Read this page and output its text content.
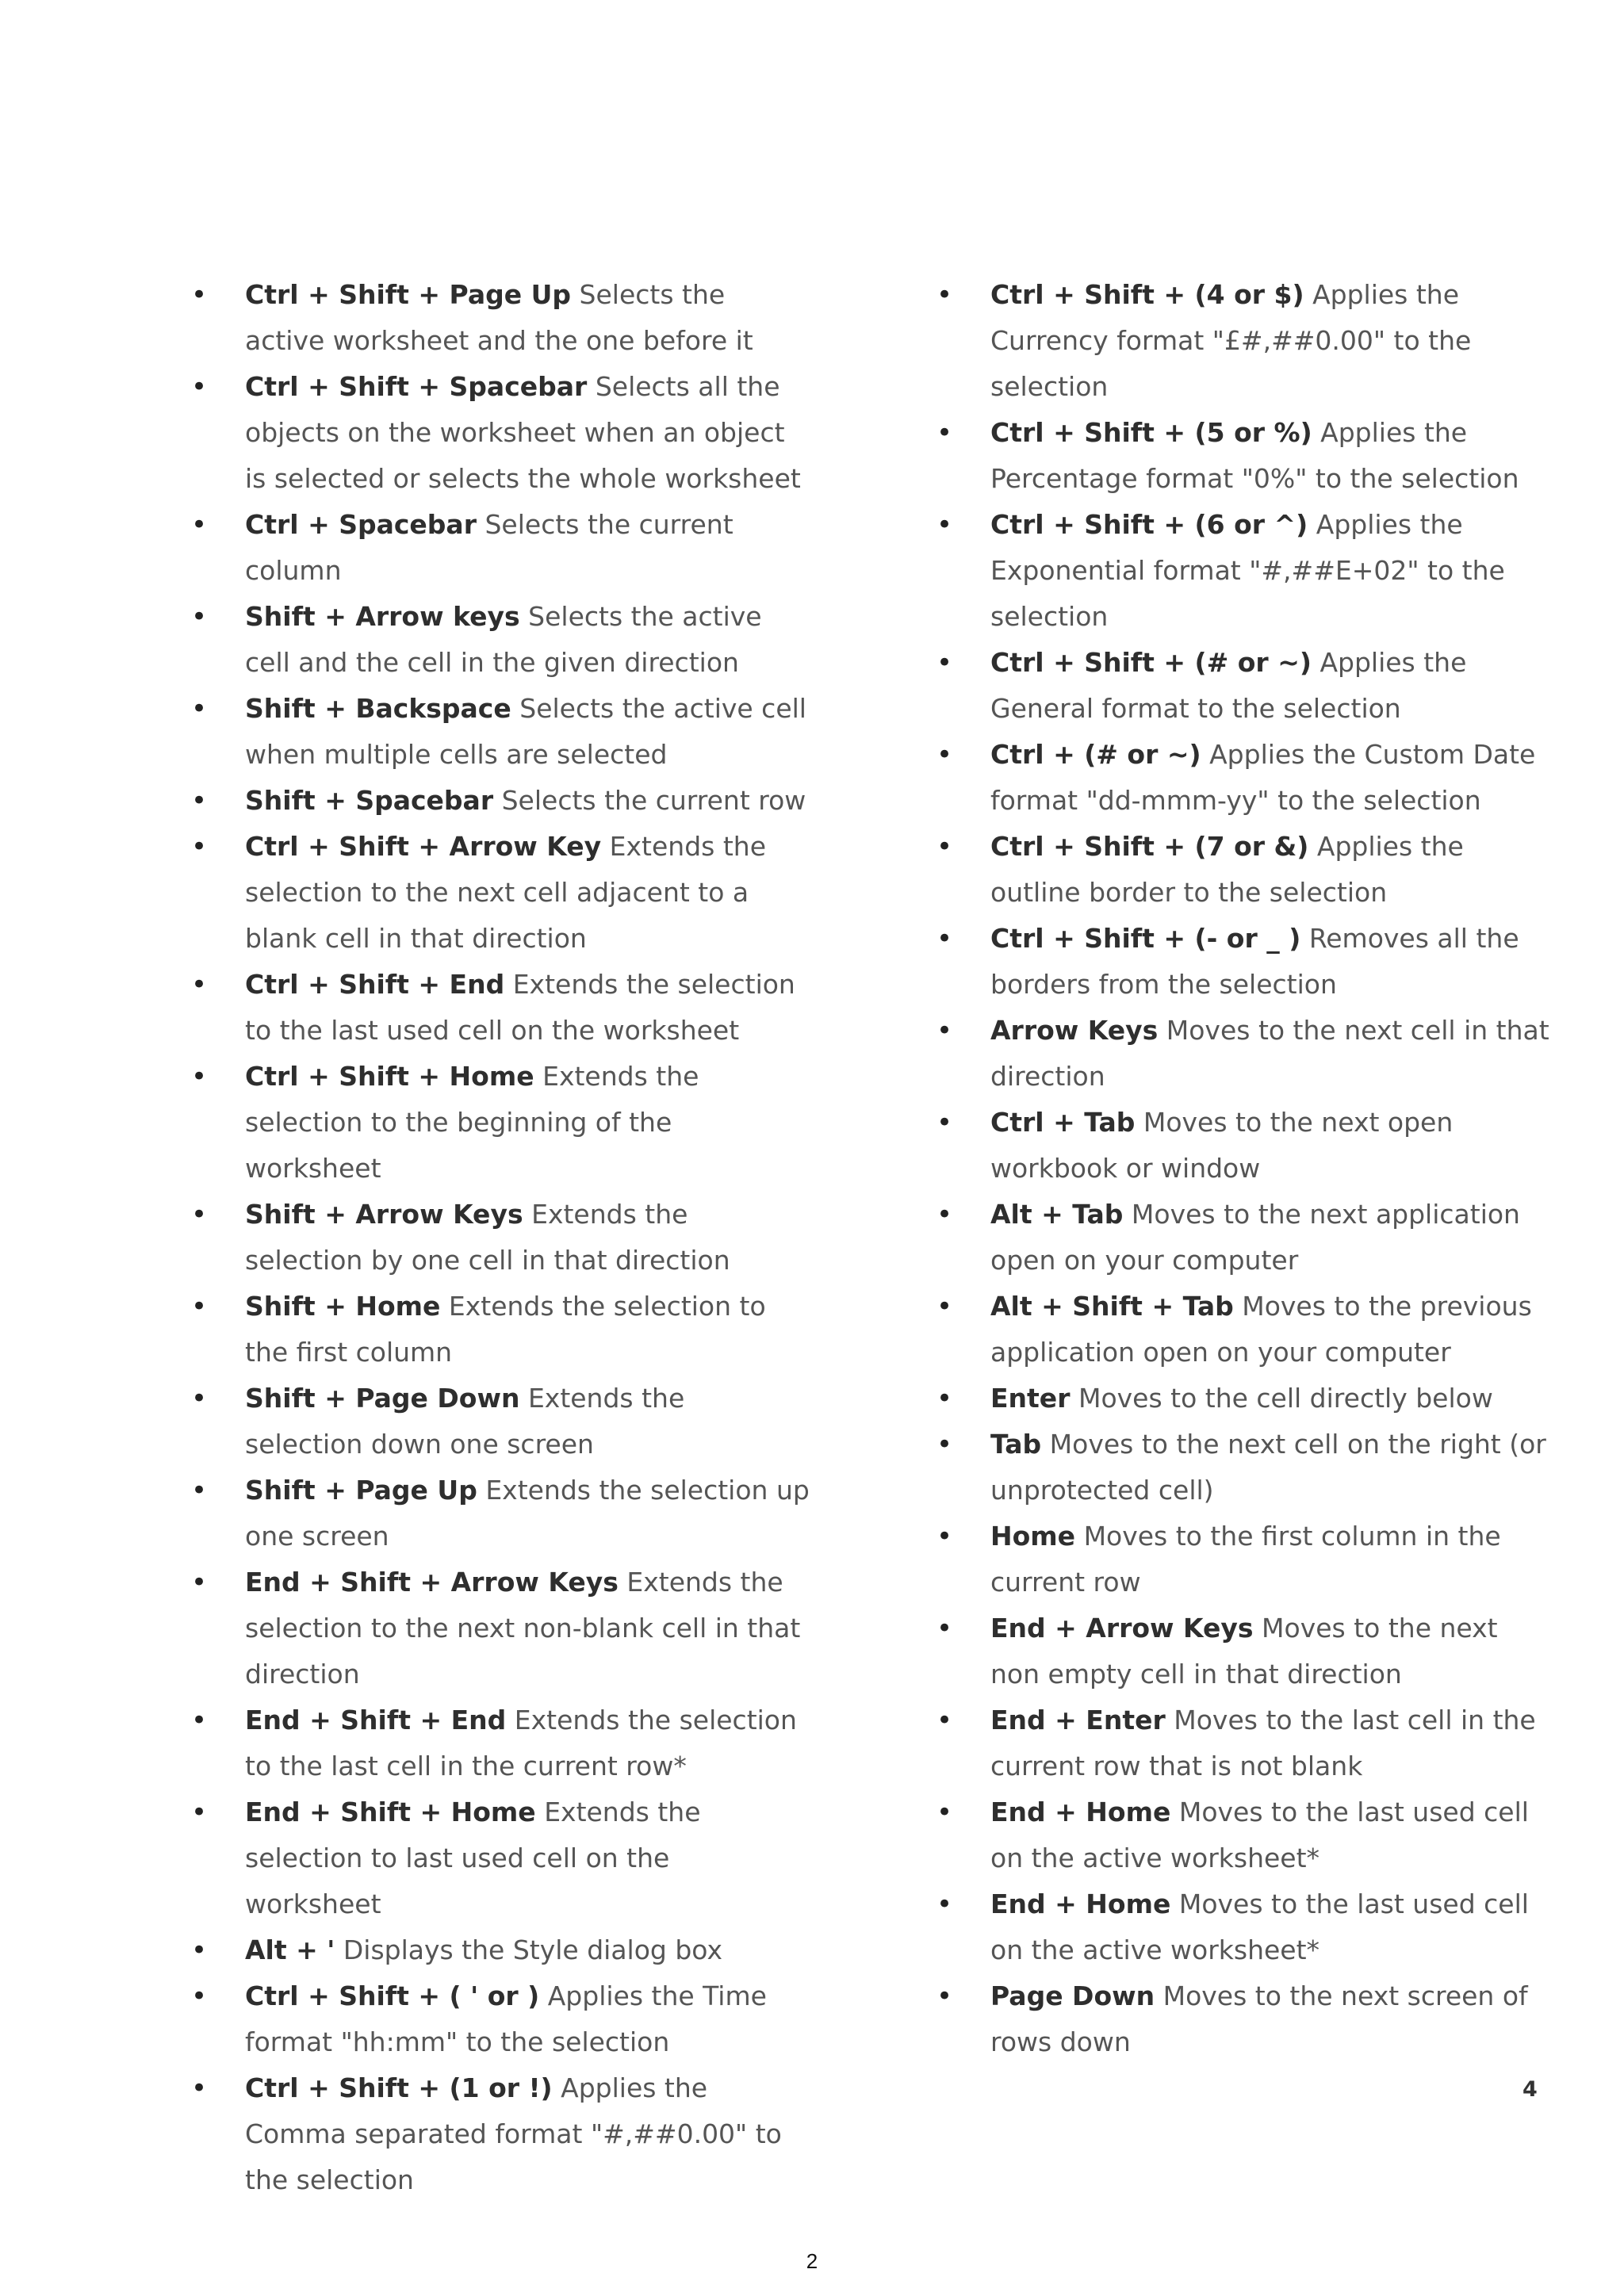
•	Ctrl + Shift + Page Up Selects the active worksheet and the one before it
•	Ctrl + Shift + Spacebar Selects all the objects on the worksheet when an object is selected or selects the whole worksheet
•	Ctrl + Spacebar Selects the current column
•	Shift + Arrow keys Selects the active cell and the cell in the given direction
•	Shift + Backspace Selects the active cell when multiple cells are selected
•	Shift + Spacebar Selects the current row
•	Ctrl + Shift + Arrow Key Extends the selection to the next cell adjacent to a blank cell in that direction
•	Ctrl + Shift + End Extends the selection to the last used cell on the worksheet
•	Ctrl + Shift + Home Extends the selection to the beginning of the worksheet
•	Shift + Arrow Keys Extends the selection by one cell in that direction
•	Shift + Home Extends the selection to the first column
•	Shift + Page Down Extends the selection down one screen
•	Shift + Page Up Extends the selection up one screen
•	End + Shift + Arrow Keys Extends the selection to the next non-blank cell in that direction
•	End + Shift + End Extends the selection to the last cell in the current row*
•	End + Shift + Home Extends the selection to last used cell on the worksheet
•	Alt + ' Displays the Style dialog box
•	Ctrl + Shift + ( ' or ) Applies the Time format "hh:mm" to the selection
•	Ctrl + Shift + (1 or !) Applies the Comma separated format "#,##0.00" to the selection
•	Ctrl + Shift + (4 or $) Applies the Currency format "£#,##0.00" to the selection
•	Ctrl + Shift + (5 or %) Applies the Percentage format "0%" to the selection
•	Ctrl + Shift + (6 or ^) Applies the Exponential format "#,##E+02" to the selection
•	Ctrl + Shift + (# or ~) Applies the General format to the selection
•	Ctrl + (# or ~) Applies the Custom Date format "dd-mmm-yy" to the selection
•	Ctrl + Shift + (7 or &) Applies the outline border to the selection
•	Ctrl + Shift + (- or _ ) Removes all the borders from the selection
•	Arrow Keys Moves to the next cell in that direction
•	Ctrl + Tab Moves to the next open workbook or window
•	Alt + Tab Moves to the next application open on your computer
•	Alt + Shift + Tab Moves to the previous application open on your computer
•	Enter Moves to the cell directly below
•	Tab Moves to the next cell on the right (or unprotected cell)
•	Home Moves to the first column in the current row
•	End + Arrow Keys Moves to the next non empty cell in that direction
•	End + Enter Moves to the last cell in the current row that is not blank
•	End + Home Moves to the last used cell on the active worksheet*
•	End + Home Moves to the last used cell on the active worksheet*
•	Page Down Moves to the next screen of rows down
4
2
